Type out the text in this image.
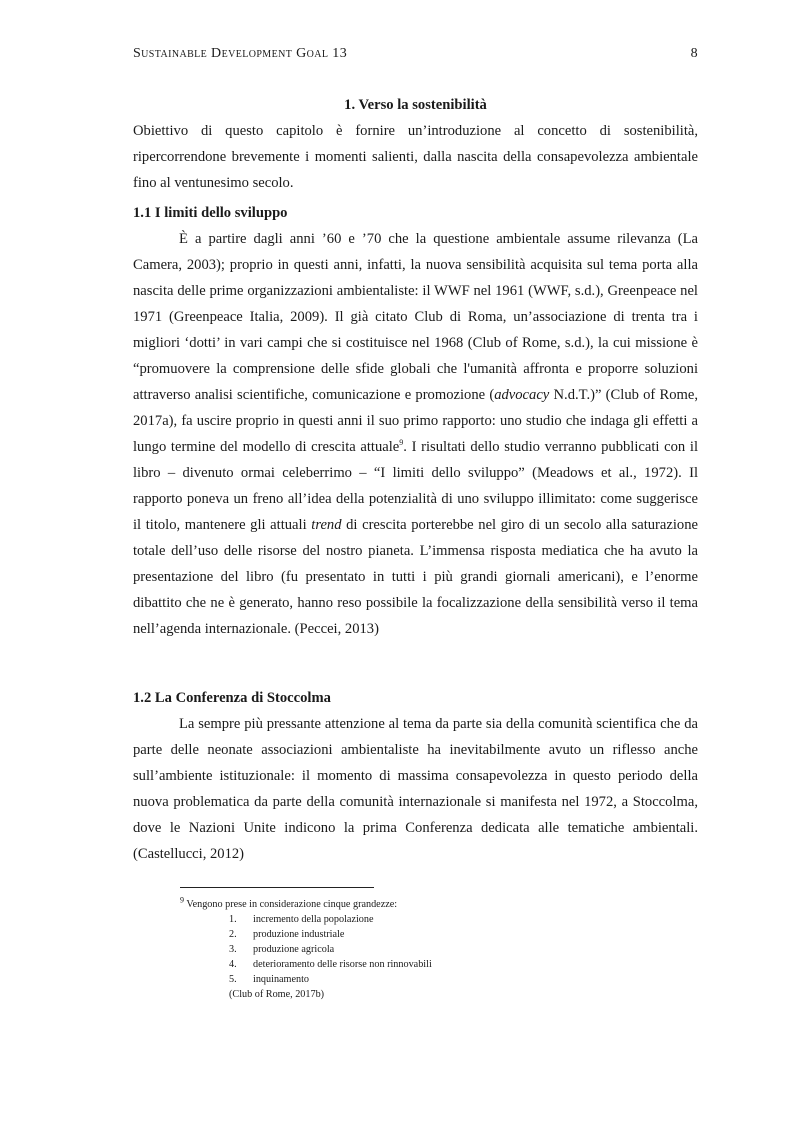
Sustainable Development Goal 13	8
1. Verso la sostenibilità

Obiettivo di questo capitolo è fornire un’introduzione al concetto di sostenibilità, ripercorrendone brevemente i momenti salienti, dalla nascita della consapevolezza ambientale fino al ventunesimo secolo.

1.1 I limiti dello sviluppo

È a partire dagli anni ’60 e ’70 che la questione ambientale assume rilevanza (La Camera, 2003); proprio in questi anni, infatti, la nuova sensibilità acquisita sul tema porta alla nascita delle prime organizzazioni ambientaliste: il WWF nel 1961 (WWF, s.d.), Greenpeace nel 1971 (Greenpeace Italia, 2009). Il già citato Club di Roma, un’associazione di trenta tra i migliori ‘dotti’ in vari campi che si costituisce nel 1968 (Club of Rome, s.d.), la cui missione è “promuovere la comprensione delle sfide globali che l'umanità affronta e proporre soluzioni attraverso analisi scientifiche, comunicazione e promozione (advocacy N.d.T.)” (Club of Rome, 2017a), fa uscire proprio in questi anni il suo primo rapporto: uno studio che indaga gli effetti a lungo termine del modello di crescita attuale$^9$. I risultati dello studio verranno pubblicati con il libro – divenuto ormai celeberrimo – “I limiti dello sviluppo” (Meadows et al., 1972). Il rapporto poneva un freno all’idea della potenzialità di uno sviluppo illimitato: come suggerisce il titolo, mantenere gli attuali trend di crescita porterebbe nel giro di un secolo alla saturazione totale dell’uso delle risorse del nostro pianeta. L’immensa risposta mediatica che ha avuto la presentazione del libro (fu presentato in tutti i più grandi giornali americani), e l’enorme dibattito che ne è generato, hanno reso possibile la focalizzazione della sensibilità verso il tema nell’agenda internazionale. (Peccei, 2013)

1.2 La Conferenza di Stoccolma

La sempre più pressante attenzione al tema da parte sia della comunità scientifica che da parte delle neonate associazioni ambientaliste ha inevitabilmente avuto un riflesso anche sull’ambiente istituzionale: il momento di massima consapevolezza in questo periodo della nuova problematica da parte della comunità internazionale si manifesta nel 1972, a Stoccolma, dove le Nazioni Unite indicono la prima Conferenza dedicata alle tematiche ambientali. (Castellucci, 2012)

$^9$ Vengono prese in considerazione cinque grandezze:
1.	incremento della popolazione
2.	produzione industriale
3.	produzione agricola
4.	deterioramento delle risorse non rinnovabili
5.	inquinamento
(Club of Rome, 2017b)
